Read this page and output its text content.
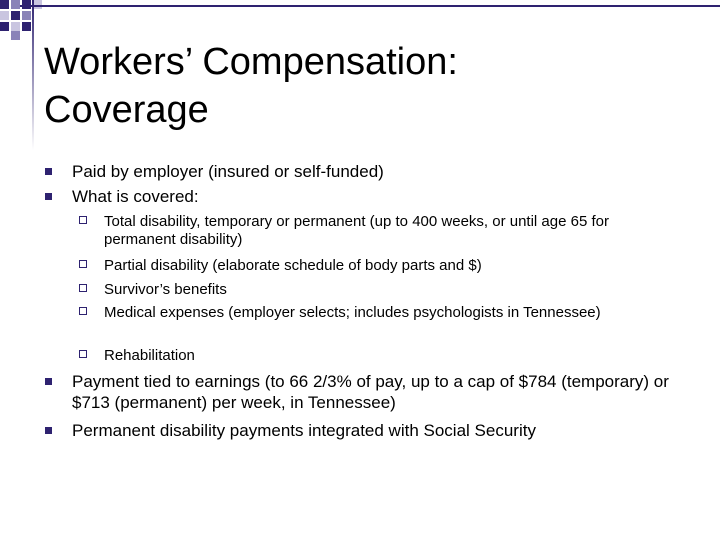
Workers’ Compensation:
Coverage
Paid by employer (insured or self-funded)
What is covered:
Total disability, temporary or permanent (up to 400 weeks, or until age 65 for permanent disability)
Partial disability (elaborate schedule of body parts and $)
Survivor’s benefits
Medical expenses (employer selects; includes psychologists in Tennessee)
Rehabilitation
Payment tied to earnings (to 66 2/3% of pay, up to a cap of $784 (temporary) or $713 (permanent) per week, in Tennessee)
Permanent disability payments integrated with Social Security
